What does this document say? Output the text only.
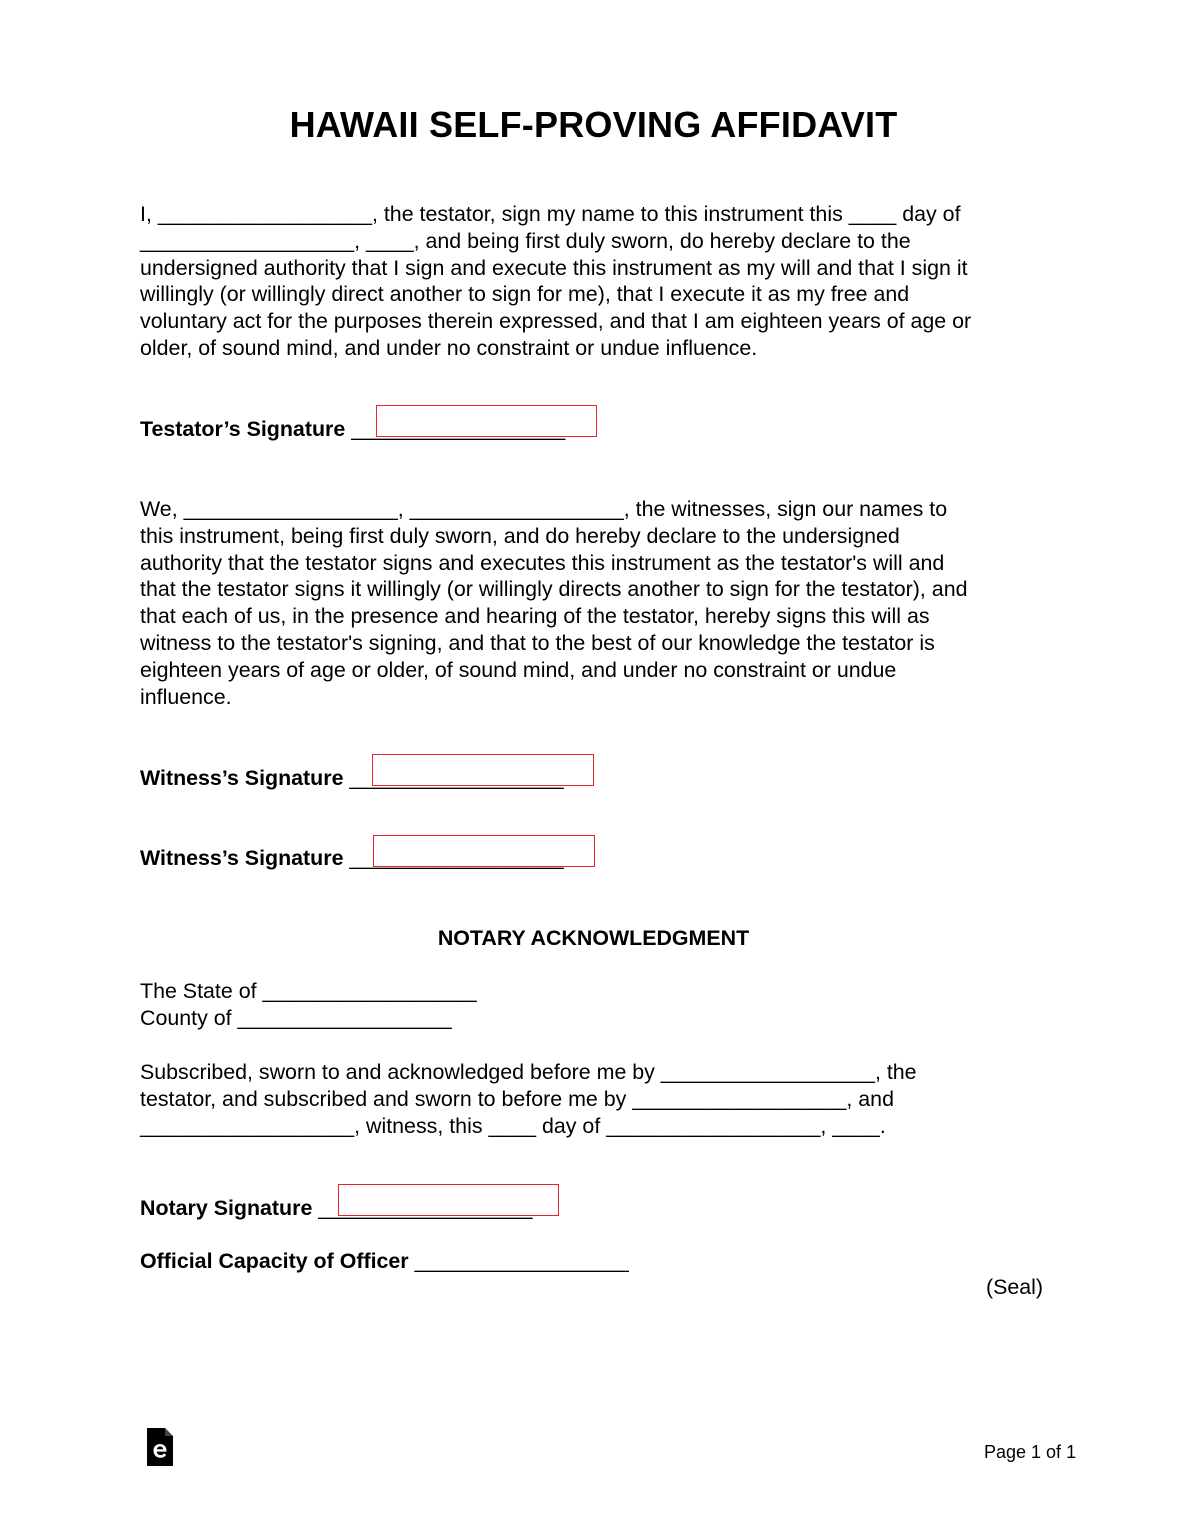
HAWAII SELF-PROVING AFFIDAVIT
I, __________________, the testator, sign my name to this instrument this ____ day of
__________________, ____, and being first duly sworn, do hereby declare to the
undersigned authority that I sign and execute this instrument as my will and that I sign it
willingly (or willingly direct another to sign for me), that I execute it as my free and
voluntary act for the purposes therein expressed, and that I am eighteen years of age or
older, of sound mind, and under no constraint or undue influence.
Testator’s Signature __________________
We, __________________, __________________, the witnesses, sign our names to
this instrument, being first duly sworn, and do hereby declare to the undersigned
authority that the testator signs and executes this instrument as the testator's will and
that the testator signs it willingly (or willingly directs another to sign for the testator), and
that each of us, in the presence and hearing of the testator, hereby signs this will as
witness to the testator's signing, and that to the best of our knowledge the testator is
eighteen years of age or older, of sound mind, and under no constraint or undue
influence.
Witness’s Signature __________________
Witness’s Signature __________________
NOTARY ACKNOWLEDGMENT
The State of __________________
County of __________________
Subscribed, sworn to and acknowledged before me by __________________, the
testator, and subscribed and sworn to before me by __________________, and
__________________, witness, this ____ day of __________________, ____.
Notary Signature __________________
Official Capacity of Officer __________________
(Seal)
Page 1 of 1
